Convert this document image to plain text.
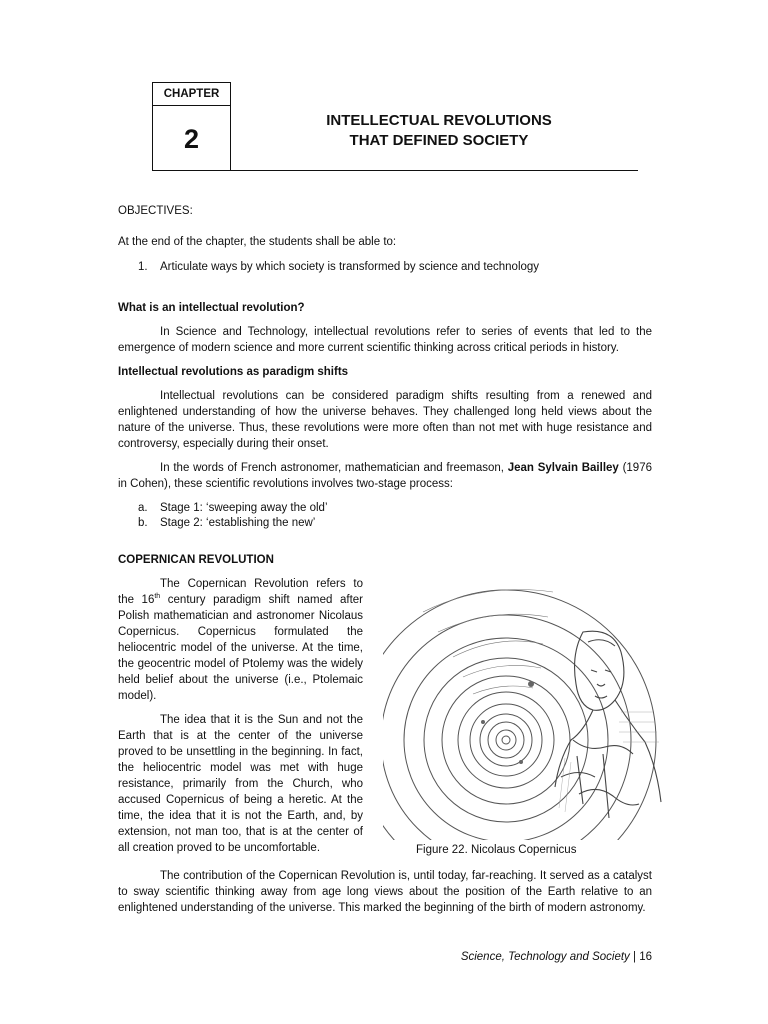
CHAPTER
2
INTELLECTUAL REVOLUTIONS
THAT DEFINED SOCIETY
OBJECTIVES:
At the end of the chapter, the students shall be able to:
1. Articulate ways by which society is transformed by science and technology
What is an intellectual revolution?
In Science and Technology, intellectual revolutions refer to series of events that led to the emergence of modern science and more current scientific thinking across critical periods in history.
Intellectual revolutions as paradigm shifts
Intellectual revolutions can be considered paradigm shifts resulting from a renewed and enlightened understanding of how the universe behaves. They challenged long held views about the nature of the universe. Thus, these revolutions were more often than not met with huge resistance and controversy, especially during their onset.
In the words of French astronomer, mathematician and freemason, Jean Sylvain Bailley (1976 in Cohen), these scientific revolutions involves two-stage process:
a. Stage 1: ‘sweeping away the old’
b. Stage 2: ‘establishing the new’
COPERNICAN REVOLUTION
The Copernican Revolution refers to the 16th century paradigm shift named after Polish mathematician and astronomer Nicolaus Copernicus. Copernicus formulated the heliocentric model of the universe. At the time, the geocentric model of Ptolemy was the widely held belief about the universe (i.e., Ptolemaic model).
The idea that it is the Sun and not the Earth that is at the center of the universe proved to be unsettling in the beginning. In fact, the heliocentric model was met with huge resistance, primarily from the Church, who accused Copernicus of being a heretic. At the time, the idea that it is not the Earth, and, by extension, not man too, that is at the center of all creation proved to be uncomfortable.	Figure 22. Nicolaus Copernicus
The contribution of the Copernican Revolution is, until today, far-reaching. It served as a catalyst to sway scientific thinking away from age long views about the position of the Earth relative to an enlightened understanding of the universe. This marked the beginning of the birth of modern astronomy.
Science, Technology and Society | 16
